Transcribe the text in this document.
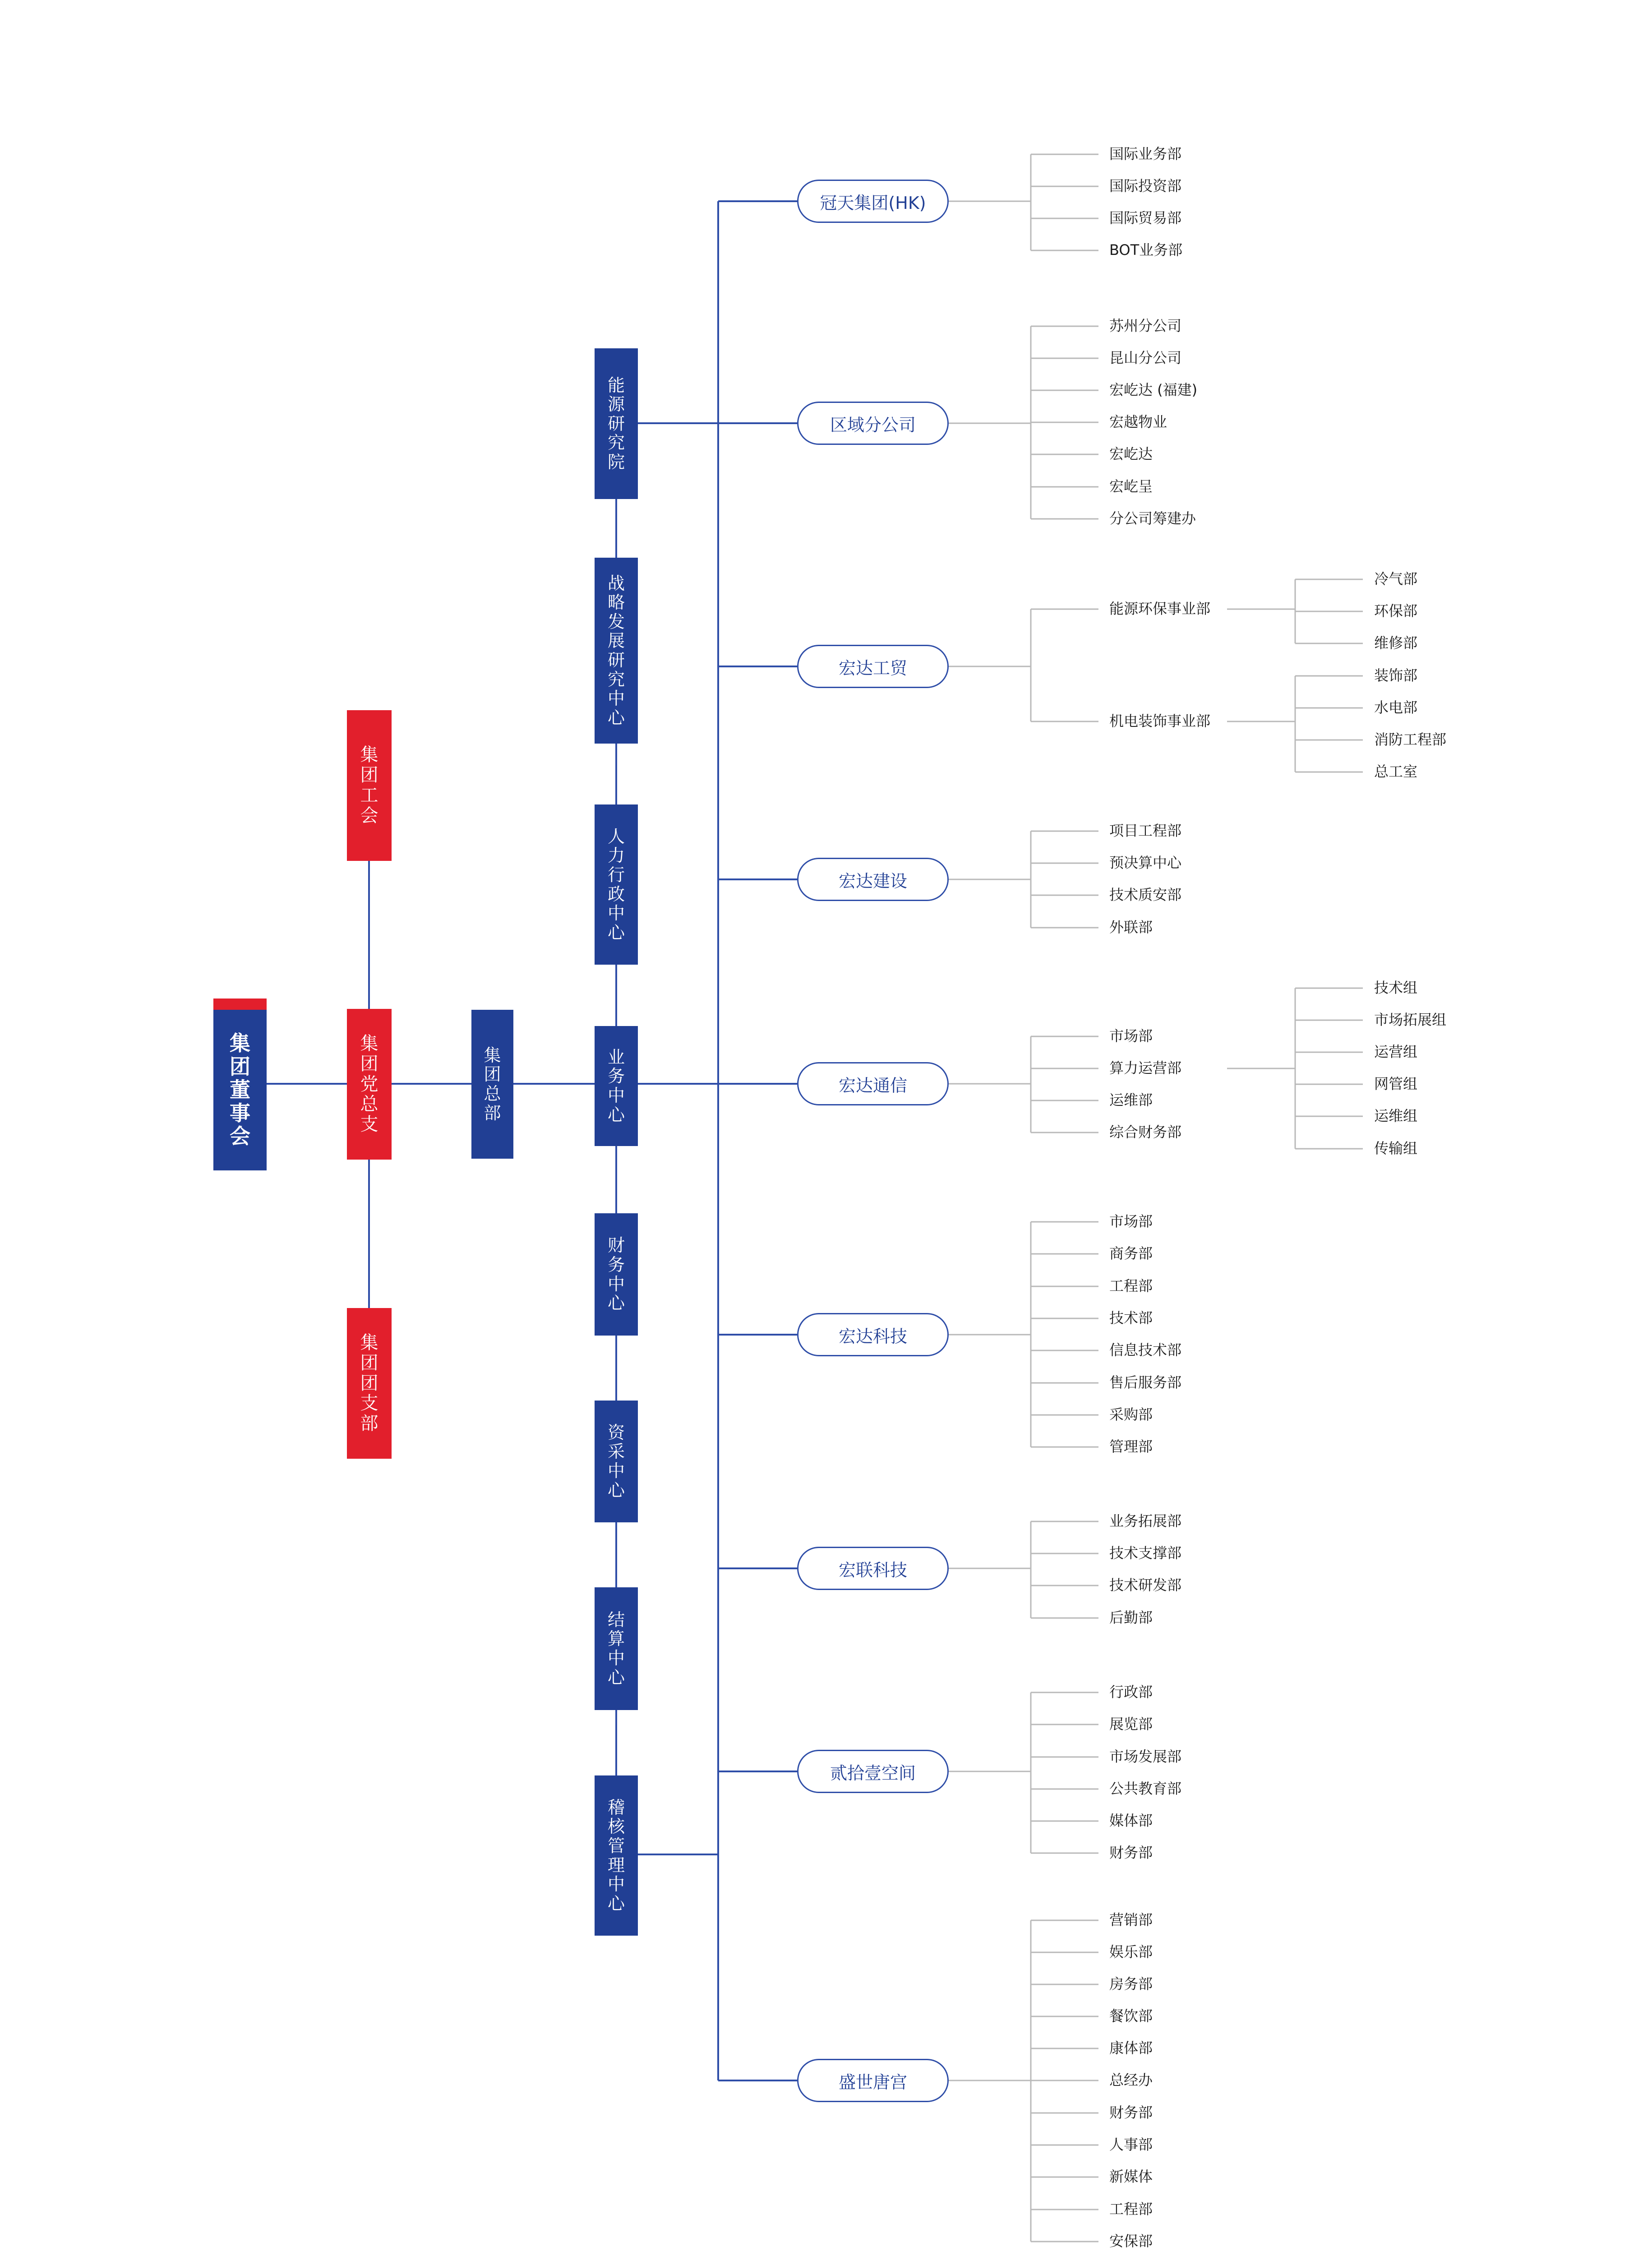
集
团
董
事
会
集
团
工
会
集
团
党
总
支
集
团
团
支
部
集
团
总
部
能
源
研
究
院
战
略
发
展
研
究
中
心
人
力
行
政
中
心
业
务
中
心
财
务
中
心
资
采
中
心
结
算
中
心
稽
核
管
理
中
心
冠天集团(HK)
国际业务部
国际投资部
国际贸易部
BOT业务部
区域分公司
苏州分公司
昆山分公司
宏屹达 (福建)
宏越物业
宏屹达
宏屹呈
分公司筹建办
宏达工贸
能源环保事业部
冷气部
环保部
维修部
机电装饰事业部
装饰部
水电部
消防工程部
总工室
宏达建设
项目工程部
预决算中心
技术质安部
外联部
宏达通信
市场部
算力运营部
技术组
市场拓展组
运营组
网管组
运维组
传输组
运维部
综合财务部
宏达科技
市场部
商务部
工程部
技术部
信息技术部
售后服务部
采购部
管理部
宏联科技
业务拓展部
技术支撑部
技术研发部
后勤部
贰拾壹空间
行政部
展览部
市场发展部
公共教育部
媒体部
财务部
盛世唐宫
营销部
娱乐部
房务部
餐饮部
康体部
总经办
财务部
人事部
新媒体
工程部
安保部
